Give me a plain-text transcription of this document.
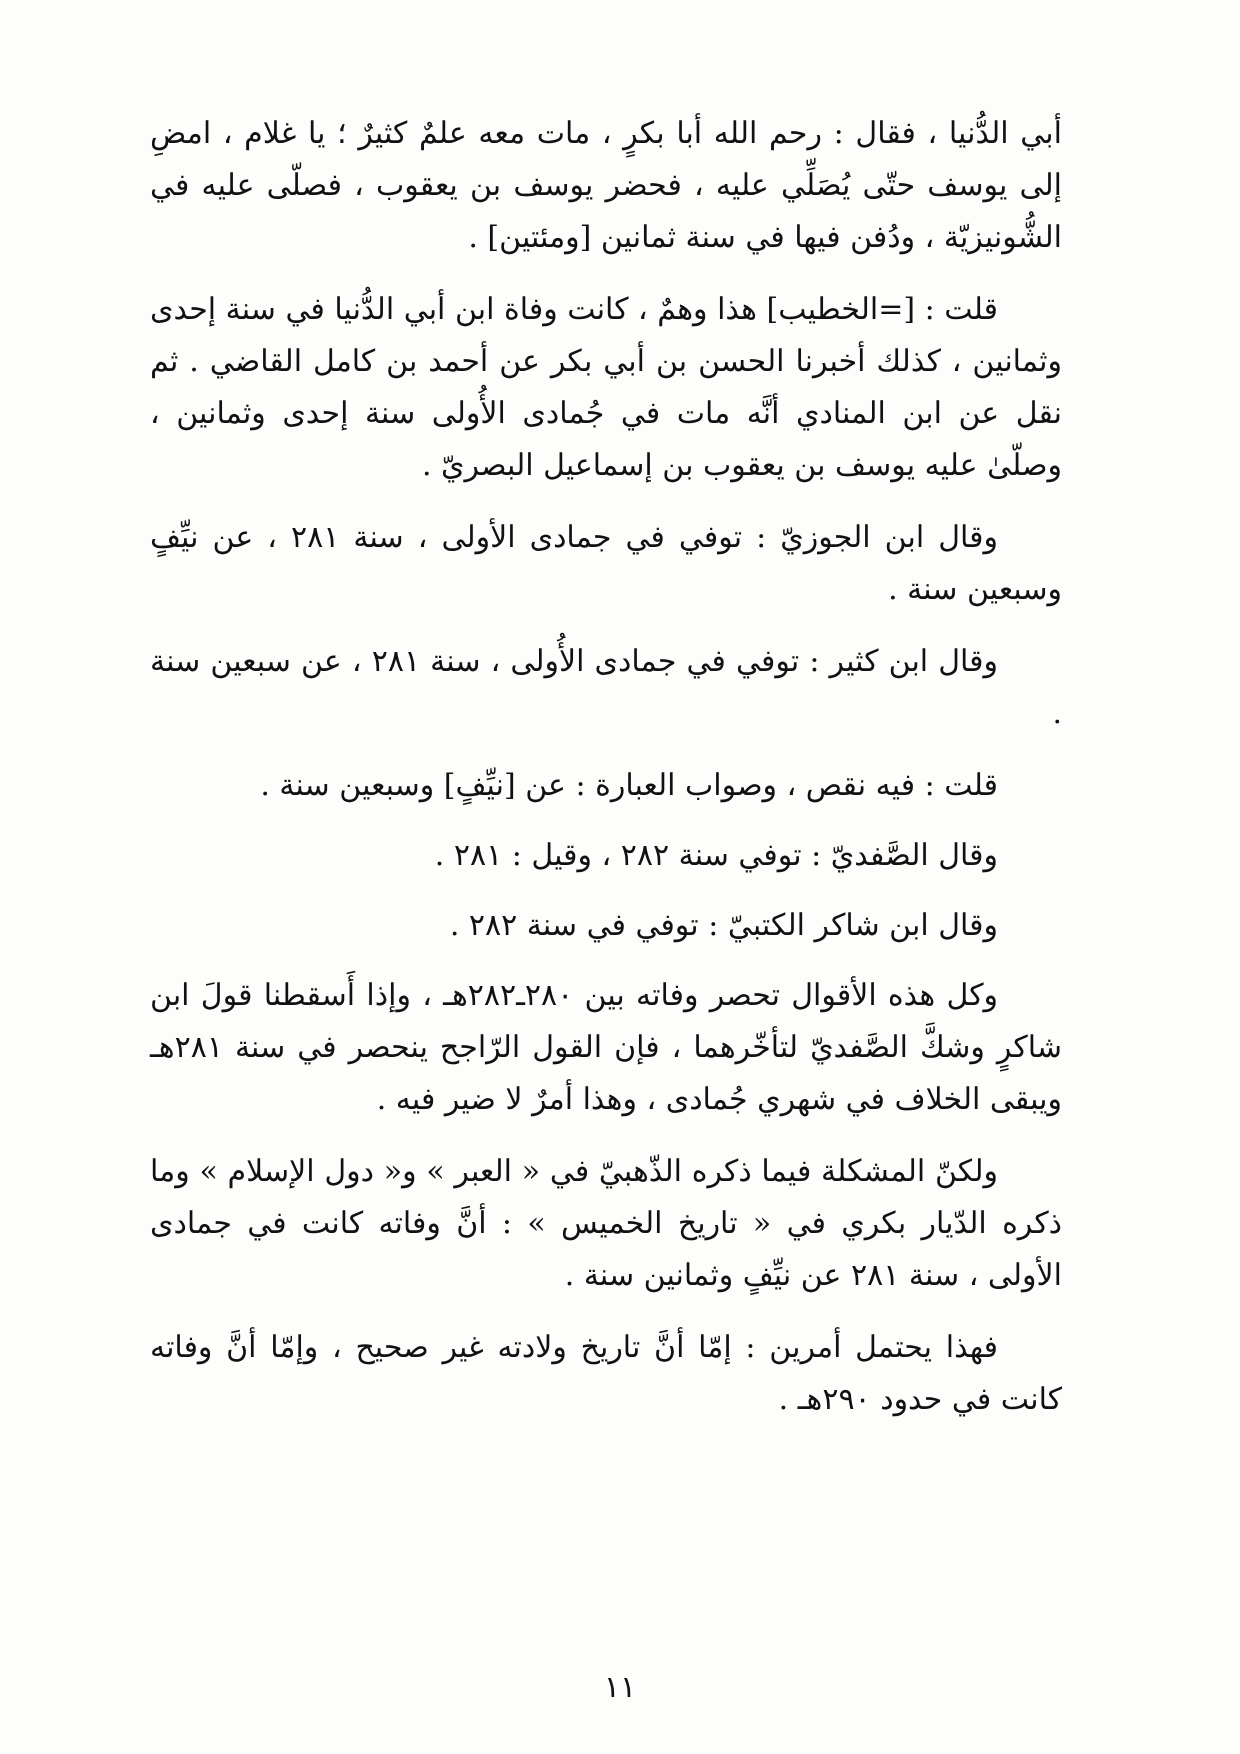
أبي الدُّنيا ، فقال : رحم الله أبا بكرٍ ، مات معه علمٌ كثيرٌ ؛ يا غلام ، امضِ إلى يوسف حتّى يُصَلِّي عليه ، فحضر يوسف بن يعقوب ، فصلّى عليه في الشُّونيزيّة ، ودُفن فيها في سنة ثمانين [ومئتين] .

قلت : [=الخطيب] هذا وهمٌ ، كانت وفاة ابن أبي الدُّنيا في سنة إحدى وثمانين ، كذلك أخبرنا الحسن بن أبي بكر عن أحمد بن كامل القاضي . ثم نقل عن ابن المنادي أنَّه مات في جُمادى الأُولى سنة إحدى وثمانين ، وصلّىٰ عليه يوسف بن يعقوب بن إسماعيل البصريّ .

وقال ابن الجوزيّ : توفي في جمادى الأولى ، سنة ٢٨١ ، عن نيِّفٍ وسبعين سنة .

وقال ابن كثير : توفي في جمادى الأُولى ، سنة ٢٨١ ، عن سبعين سنة .

قلت : فيه نقص ، وصواب العبارة : عن [نيِّفٍ] وسبعين سنة .

وقال الصَّفديّ : توفي سنة ٢٨٢ ، وقيل : ٢٨١ .

وقال ابن شاكر الكتبيّ : توفي في سنة ٢٨٢ .

وكل هذه الأقوال تحصر وفاته بين ٢٨٠ـ٢٨٢هـ ، وإذا أَسقطنا قولَ ابن شاكرٍ وشكَّ الصَّفديّ لتأخّرهما ، فإن القول الرّاجح ينحصر في سنة ٢٨١هـ ويبقى الخلاف في شهري جُمادى ، وهذا أمرٌ لا ضير فيه .

ولكنّ المشكلة فيما ذكره الذّهبيّ في « العبر » و« دول الإسلام » وما ذكره الدّيار بكري في « تاريخ الخميس » : أنَّ وفاته كانت في جمادى الأولى ، سنة ٢٨١ عن نيِّفٍ وثمانين سنة .

فهذا يحتمل أمرين : إمّا أنَّ تاريخ ولادته غير صحيح ، وإمّا أنَّ وفاته كانت في حدود ٢٩٠هـ .

١١
